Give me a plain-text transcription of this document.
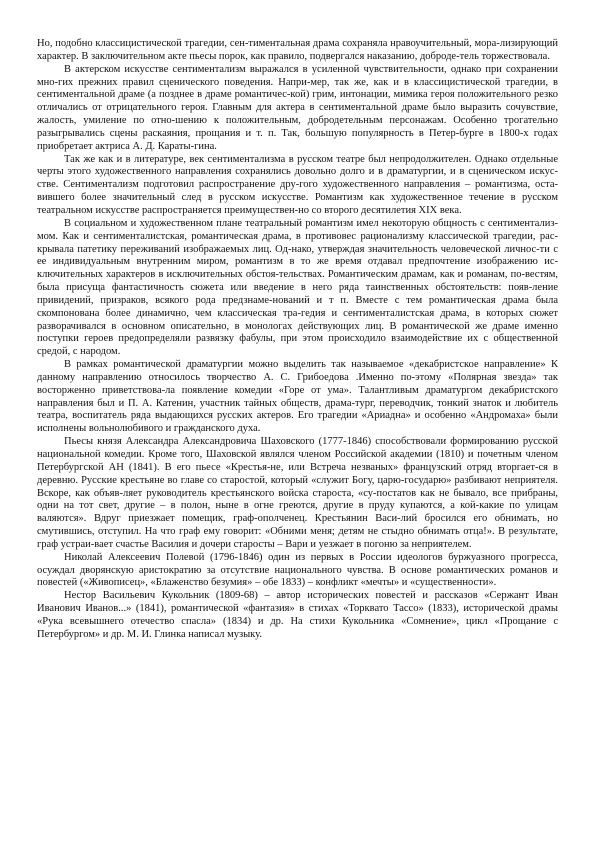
Но, подобно классицистической трагедии, сен-тиментальная драма сохраняла нравоучительный, мора-лизирующий характер. В заключительном акте пьесы порок, как правило, подвергался наказанию, доброде-тель торжествовала.

В актерском искусстве сентиментализм выражался в усиленной чувствительности, однако при сохранении мно-гих прежних правил сценического поведения. Напри-мер, так же, как и в классицистической трагедии, в сентиментальной драме (а позднее в драме романтичес-кой) грим, интонации, мимика героя положительного резко отличались от отрицательного героя. Главным для актера в сентиментальной драме было выразить сочувствие, жалость, умиление по отно-шению к положительным, добродетельным персонажам. Особенно трогательно разыгрывались сцены раскаяния, прощания и т. п. Так, большую популярность в Петер-бурге в 1800-х годах приобретает актриса А. Д. Караты-гина.

Так же как и в литературе, век сентиментализма в русском театре был непродолжителен. Однако отдельные черты этого художественного направления сохранялись довольно долго и в драматургии, и в сценическом искус-стве. Сентиментализм подготовил распространение дру-гого художественного направления – романтизма, оста-вившего более значительный след в русском искусстве. Романтизм как художественное течение в русском театральном искусстве распространяется преимуществен-но со второго десятилетия XIX века.

В социальном и художественном плане театральный романтизм имел некоторую общность с сентиментализ-мом. Как и сентименталистская, романтическая драма, в противовес рационализму классической трагедии, рас-крывала патетику переживаний изображаемых лиц. Од-нако, утверждая значительность человеческой личнос-ти с ее индивидуальным внутренним миром, романтизм в то же время отдавал предпочтение изображению ис-ключительных характеров в исключительных обстоя-тельствах. Романтическим драмам, как и романам, по-вестям, была присуща фантастичность сюжета или введение в него ряда таинственных обстоятельств: появ-ление привидений, призраков, всякого рода предзнаме-нований и т п. Вместе с тем романтическая драма была скомпонована более динамично, чем классическая тра-гедия и сентименталистская драма, в которых сюжет разворачивался в основном описательно, в монологах действующих лиц. В романтической же драме именно поступки героев предопределяли развязку фабулы, при этом происходило взаимодействие их с общественной средой, с народом.

В рамках романтической драматургии можно выделить так называемое «декабристское направление» К данному направлению относилось творчество А. С. Грибоедова .Именно по-этому «Полярная звезда» так восторженно приветствова-ла появление комедии «Горе от ума». Талантливым драматургом декабристского направления был и П. А. Катенин, участник тайных обществ, драма-тург, переводчик, тонкий знаток и любитель театра, воспитатель ряда выдающихся русских актеров. Его трагедии «Ариадна» и особенно «Андромаха» были исполнены вольнолюбивого и гражданского духа.

Пьесы князя Александра Александровича Шаховского (1777-1846) способствовали формированию русской национальной комедии. Кроме того, Шаховской являлся членом Российской академии (1810) и почетным членом Петербургской АН (1841). В его пьесе «Крестья-не, или Встреча незваных» французский отряд вторгает-ся в деревню. Русские крестьяне во главе со старостой, который «служит Богу, царю-государю» разбивают неприятеля. Вскоре, как объяв-ляет руководитель крестьянского войска староста, «су-постатов как не бывало, все прибраны, одни на тот свет, другие – в полон, ныне в огне греются, другие в пруду купаются, а кой-какие по улицам валяются». Вдруг приезжает помещик, граф-ополченец. Крестьянин Васи-лий бросился его обнимать, но смутившись, отступил. На что граф ему говорит: «Обними меня; детям не стыдно обнимать отца!». В результате, граф устраи-вает счастье Василия и дочери старосты – Вари и уезжает в погоню за неприятелем.

Николай Алексеевич Полевой (1796-1846) один из первых в России идеологов буржуазного прогресса, осуждал дворянскую аристократию за отсутствие национального чувства. В основе романтических романов и повестей («Живописец», «Блаженство безумия» – обе 1833) – конфликт «мечты» и «существенности».

Нестор Васильевич Кукольник (1809-68) – автор исторических повестей и рассказов «Сержант Иван Иванович Иванов...» (1841), романтической «фантазия» в стихах «Торквато Тассо» (1833), исторической драмы «Рука всевышнего отечество спасла» (1834) и др. На стихи Кукольника «Сомнение», цикл «Прощание с Петербургом» и др. М. И. Глинка написал музыку.
